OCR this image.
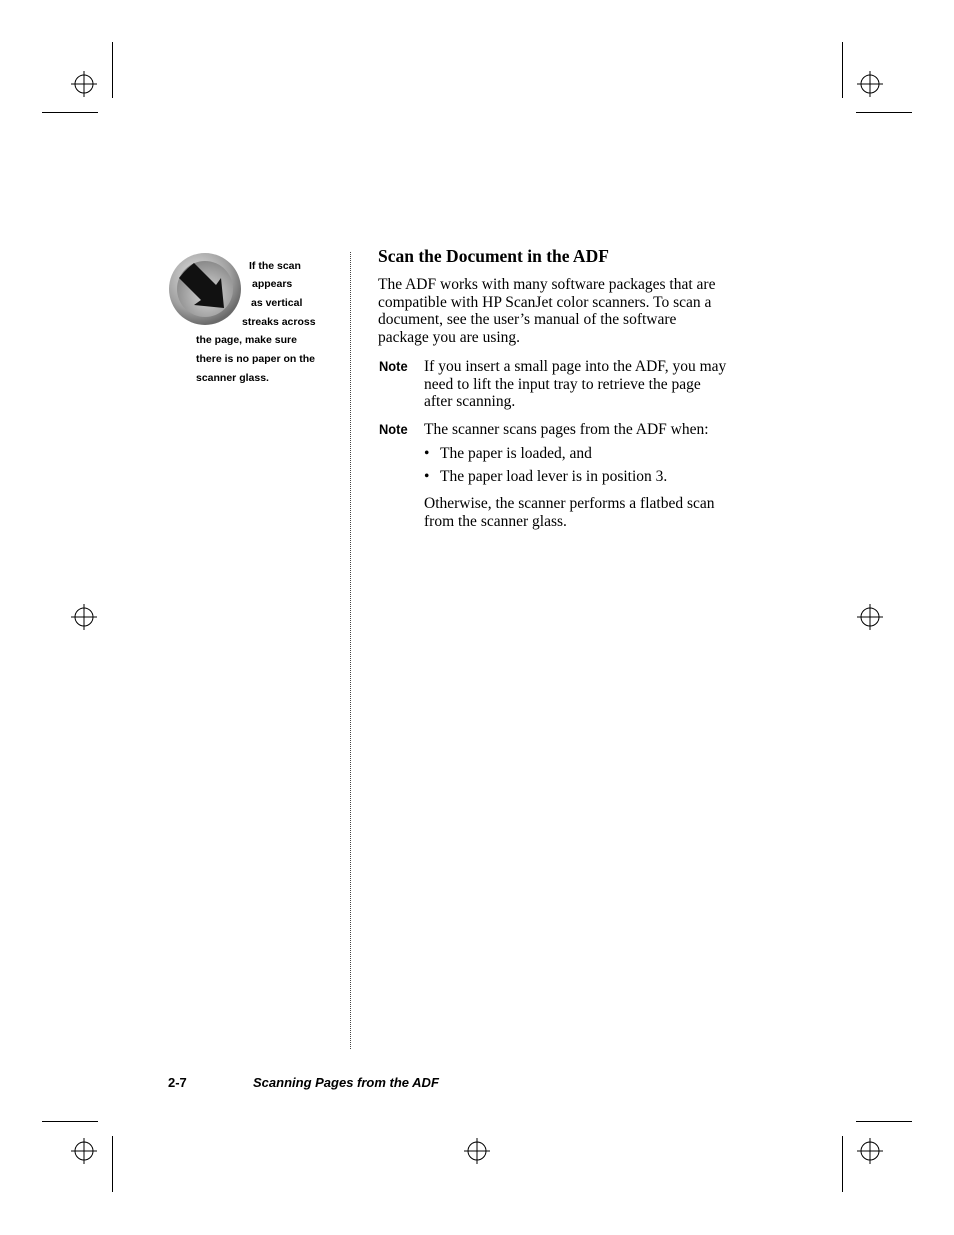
If the scan
appears
as vertical
streaks across
the page, make sure
there is no paper on the
scanner glass.
Scan the Document in the ADF
The ADF works with many software packages that are
compatible with HP ScanJet color scanners. To scan a
document, see the user’s manual of the software
package you are using.
Note If you insert a small page into the ADF, you may
need to lift the input tray to retrieve the page
after scanning.
Note The scanner scans pages from the ADF when:
• The paper is loaded, and
• The paper load lever is in position 3.
Otherwise, the scanner performs a flatbed scan
from the scanner glass.
2-7	Scanning Pages from the ADF
